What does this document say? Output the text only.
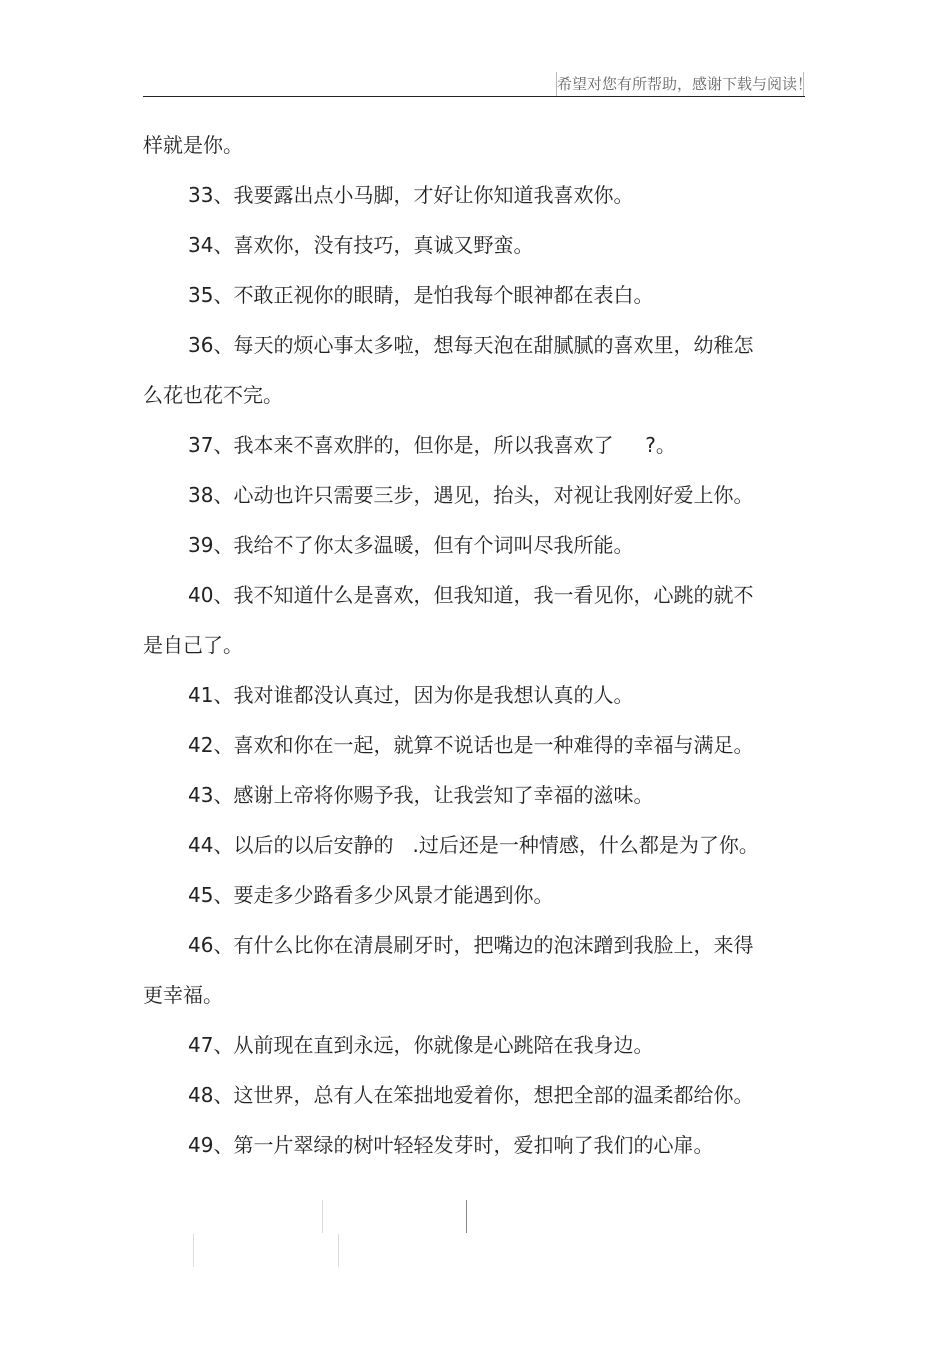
希望对您有所帮助，感谢下载与阅读！

样就是你。

33、我要露出点小马脚，才好让你知道我喜欢你。

34、喜欢你，没有技巧，真诚又野蛮。

35、不敢正视你的眼睛，是怕我每个眼神都在表白。

36、每天的烦心事太多啦，想每天泡在甜腻腻的喜欢里，幼稚怎

么花也花不完。

37、我本来不喜欢胖的，但你是，所以我喜欢了     ?。

38、心动也许只需要三步，遇见，抬头，对视让我刚好爱上你。

39、我给不了你太多温暖，但有个词叫尽我所能。

40、我不知道什么是喜欢，但我知道，我一看见你，心跳的就不

是自己了。

41、我对谁都没认真过，因为你是我想认真的人。

42、喜欢和你在一起，就算不说话也是一种难得的幸福与满足。

43、感谢上帝将你赐予我，让我尝知了幸福的滋味。

44、以后的以后安静的   .过后还是一种情感，什么都是为了你。

45、要走多少路看多少风景才能遇到你。

46、有什么比你在清晨刷牙时，把嘴边的泡沫蹭到我脸上，来得

更幸福。

47、从前现在直到永远，你就像是心跳陪在我身边。

48、这世界，总有人在笨拙地爱着你，想把全部的温柔都给你。

49、第一片翠绿的树叶轻轻发芽时，爱扣响了我们的心扉。
